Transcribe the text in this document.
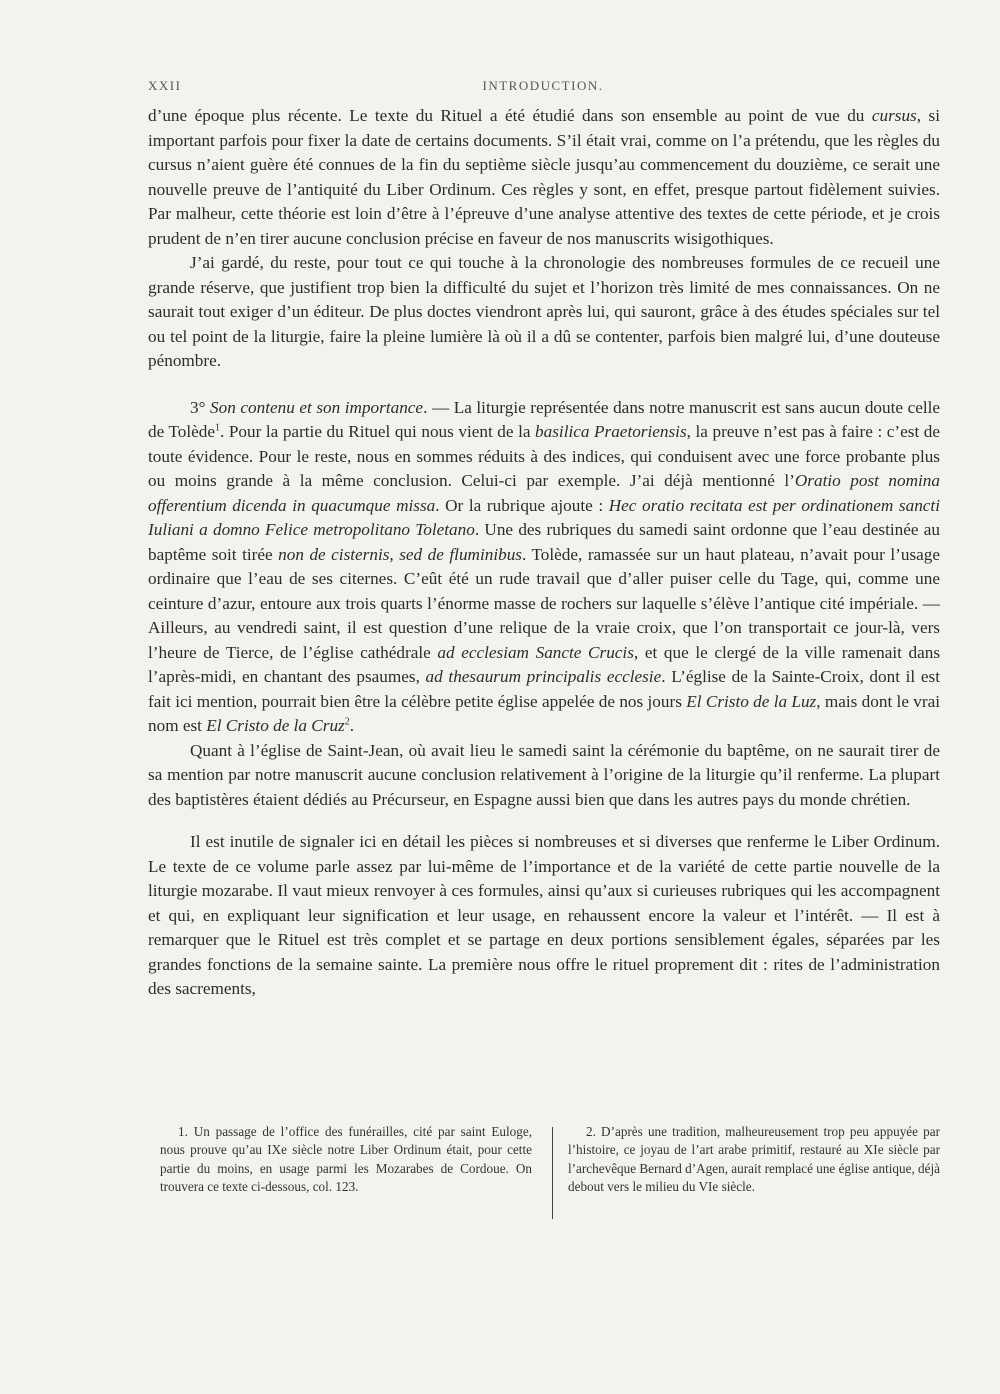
XXII	INTRODUCTION.

d’une époque plus récente. Le texte du Rituel a été étudié dans son ensemble au point de vue du cursus, si important parfois pour fixer la date de certains documents. S’il était vrai, comme on l’a prétendu, que les règles du cursus n’aient guère été connues de la fin du septième siècle jusqu’au commencement du douzième, ce serait une nouvelle preuve de l’antiquité du Liber Ordinum. Ces règles y sont, en effet, presque partout fidèlement suivies. Par malheur, cette théorie est loin d’être à l’épreuve d’une analyse attentive des textes de cette période, et je crois prudent de n’en tirer aucune conclusion précise en faveur de nos manuscrits wisigothiques.

J’ai gardé, du reste, pour tout ce qui touche à la chronologie des nombreuses formules de ce recueil une grande réserve, que justifient trop bien la difficulté du sujet et l’horizon très limité de mes connaissances. On ne saurait tout exiger d’un éditeur. De plus doctes viendront après lui, qui sauront, grâce à des études spéciales sur tel ou tel point de la liturgie, faire la pleine lumière là où il a dû se contenter, parfois bien malgré lui, d’une douteuse pénombre.

3° Son contenu et son importance. — La liturgie représentée dans notre manuscrit est sans aucun doute celle de Tolède$^1$. Pour la partie du Rituel qui nous vient de la basilica Praetoriensis, la preuve n’est pas à faire : c’est de toute évidence. Pour le reste, nous en sommes réduits à des indices, qui conduisent avec une force probante plus ou moins grande à la même conclusion. Celui-ci par exemple. J’ai déjà mentionné l’Oratio post nomina offerentium dicenda in quacumque missa. Or la rubrique ajoute : Hec oratio recitata est per ordinationem sancti Iuliani a domno Felice metropolitano Toletano. Une des rubriques du samedi saint ordonne que l’eau destinée au baptême soit tirée non de cisternis, sed de fluminibus. Tolède, ramassée sur un haut plateau, n’avait pour l’usage ordinaire que l’eau de ses citernes. C’eût été un rude travail que d’aller puiser celle du Tage, qui, comme une ceinture d’azur, entoure aux trois quarts l’énorme masse de rochers sur laquelle s’élève l’antique cité impériale. — Ailleurs, au vendredi saint, il est question d’une relique de la vraie croix, que l’on transportait ce jour-là, vers l’heure de Tierce, de l’église cathédrale ad ecclesiam Sancte Crucis, et que le clergé de la ville ramenait dans l’après-midi, en chantant des psaumes, ad thesaurum principalis ecclesie. L’église de la Sainte-Croix, dont il est fait ici mention, pourrait bien être la célèbre petite église appelée de nos jours El Cristo de la Luz, mais dont le vrai nom est El Cristo de la Cruz$^2$.

Quant à l’église de Saint-Jean, où avait lieu le samedi saint la cérémonie du baptême, on ne saurait tirer de sa mention par notre manuscrit aucune conclusion relativement à l’origine de la liturgie qu’il renferme. La plupart des baptistères étaient dédiés au Précurseur, en Espagne aussi bien que dans les autres pays du monde chrétien.

Il est inutile de signaler ici en détail les pièces si nombreuses et si diverses que renferme le Liber Ordinum. Le texte de ce volume parle assez par lui-même de l’importance et de la variété de cette partie nouvelle de la liturgie mozarabe. Il vaut mieux renvoyer à ces formules, ainsi qu’aux si curieuses rubriques qui les accompagnent et qui, en expliquant leur signification et leur usage, en rehaussent encore la valeur et l’intérêt. — Il est à remarquer que le Rituel est très complet et se partage en deux portions sensiblement égales, séparées par les grandes fonctions de la semaine sainte. La première nous offre le rituel proprement dit : rites de l’administration des sacrements,

1. Un passage de l’office des funérailles, cité par saint Euloge, nous prouve qu’au IXe siècle notre Liber Ordinum était, pour cette partie du moins, en usage parmi les Mozarabes de Cordoue. On trouvera ce texte ci-dessous, col. 123.
2. D’après une tradition, malheureusement trop peu appuyée par l’histoire, ce joyau de l’art arabe primitif, restauré au XIe siècle par l’archevêque Bernard d’Agen, aurait remplacé une église antique, déjà debout vers le milieu du VIe siècle.
